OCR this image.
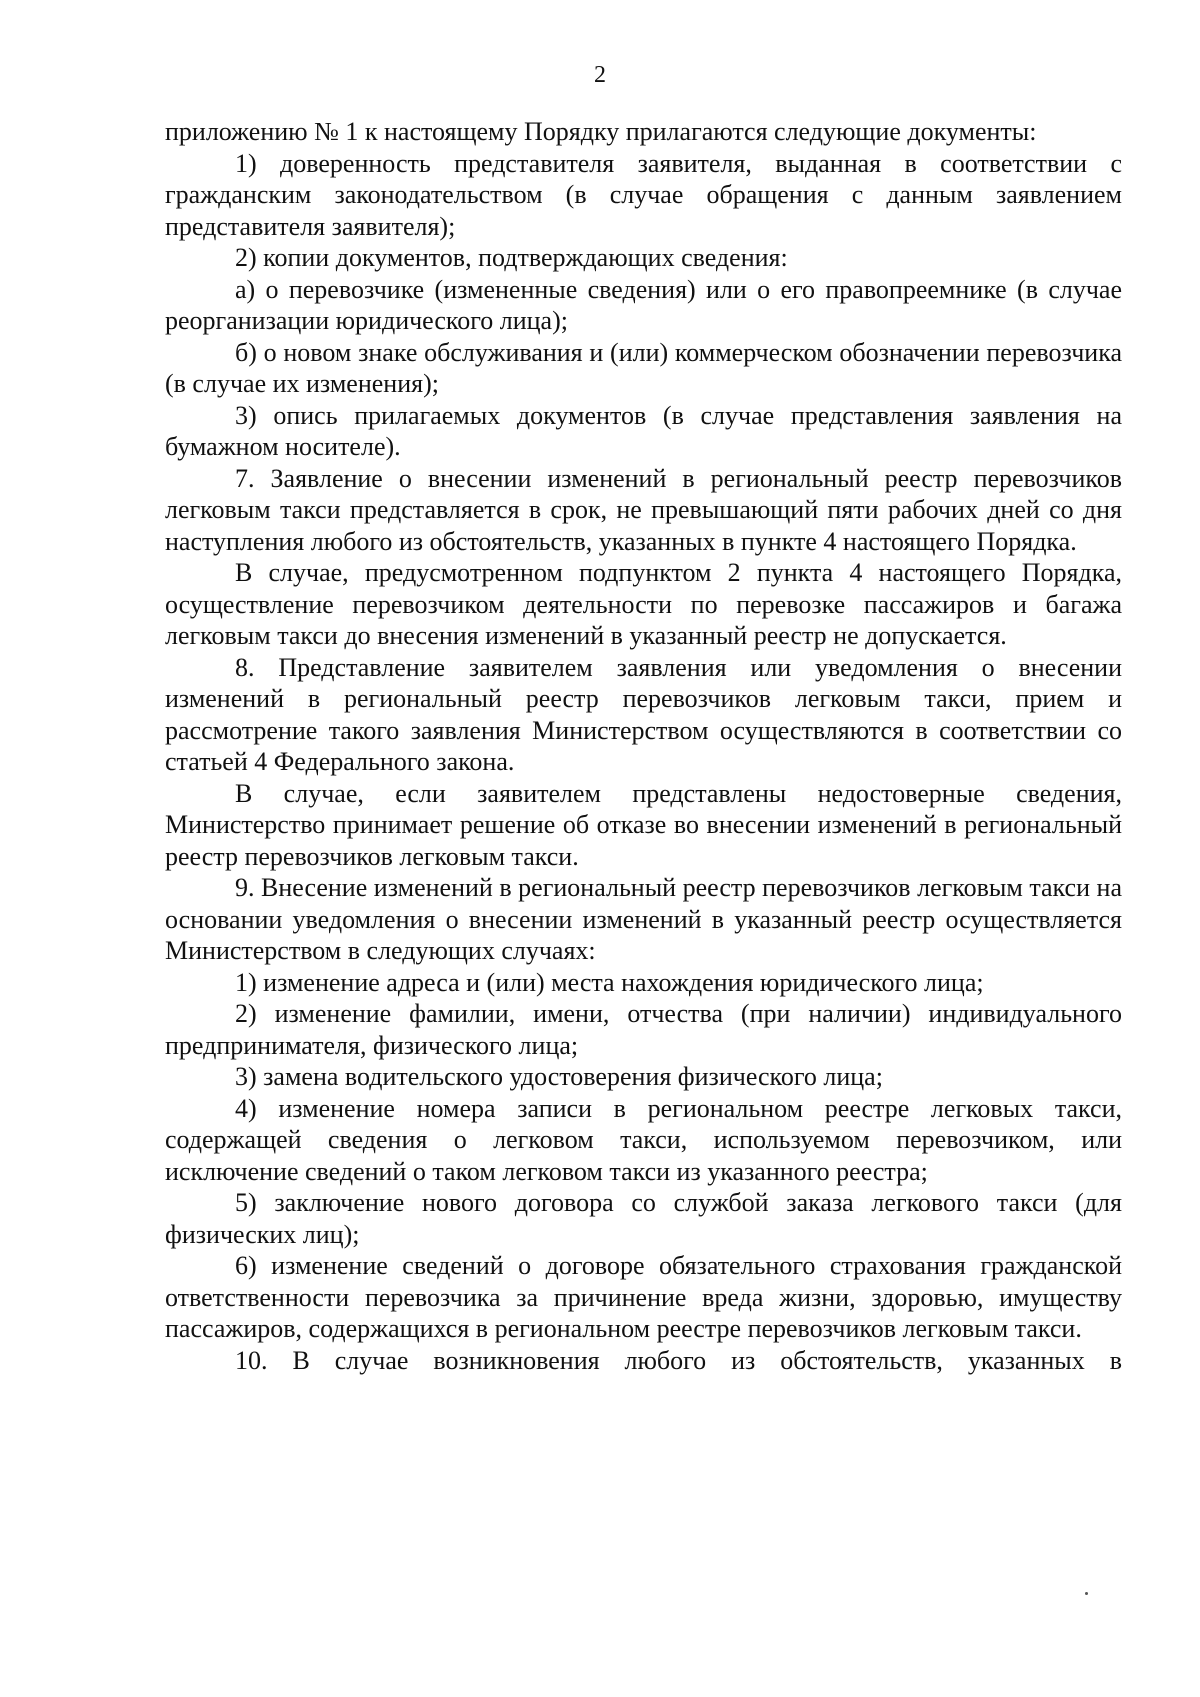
2

приложению № 1 к настоящему Порядку прилагаются следующие документы:

1) доверенность представителя заявителя, выданная в соответствии с гражданским законодательством (в случае обращения с данным заявлением представителя заявителя);

2) копии документов, подтверждающих сведения:

а) о перевозчике (измененные сведения) или о его правопреемнике (в случае реорганизации юридического лица);

б) о новом знаке обслуживания и (или) коммерческом обозначении перевозчика (в случае их изменения);

3) опись прилагаемых документов (в случае представления заявления на бумажном носителе).

7. Заявление о внесении изменений в региональный реестр перевозчиков легковым такси представляется в срок, не превышающий пяти рабочих дней со дня наступления любого из обстоятельств, указанных в пункте 4 настоящего Порядка.

В случае, предусмотренном подпунктом 2 пункта 4 настоящего Порядка, осуществление перевозчиком деятельности по перевозке пассажиров и багажа легковым такси до внесения изменений в указанный реестр не допускается.

8. Представление заявителем заявления или уведомления о внесении изменений в региональный реестр перевозчиков легковым такси, прием и рассмотрение такого заявления Министерством осуществляются в соответствии со статьей 4 Федерального закона.

В случае, если заявителем представлены недостоверные сведения, Министерство принимает решение об отказе во внесении изменений в региональный реестр перевозчиков легковым такси.

9. Внесение изменений в региональный реестр перевозчиков легковым такси на основании уведомления о внесении изменений в указанный реестр осуществляется Министерством в следующих случаях:

1) изменение адреса и (или) места нахождения юридического лица;

2) изменение фамилии, имени, отчества (при наличии) индивидуального предпринимателя, физического лица;

3) замена водительского удостоверения физического лица;

4) изменение номера записи в региональном реестре легковых такси, содержащей сведения о легковом такси, используемом перевозчиком, или исключение сведений о таком легковом такси из указанного реестра;

5) заключение нового договора со службой заказа легкового такси (для физических лиц);

6) изменение сведений о договоре обязательного страхования гражданской ответственности перевозчика за причинение вреда жизни, здоровью, имуществу пассажиров, содержащихся в региональном реестре перевозчиков легковым такси.

10. В случае возникновения любого из обстоятельств, указанных в
